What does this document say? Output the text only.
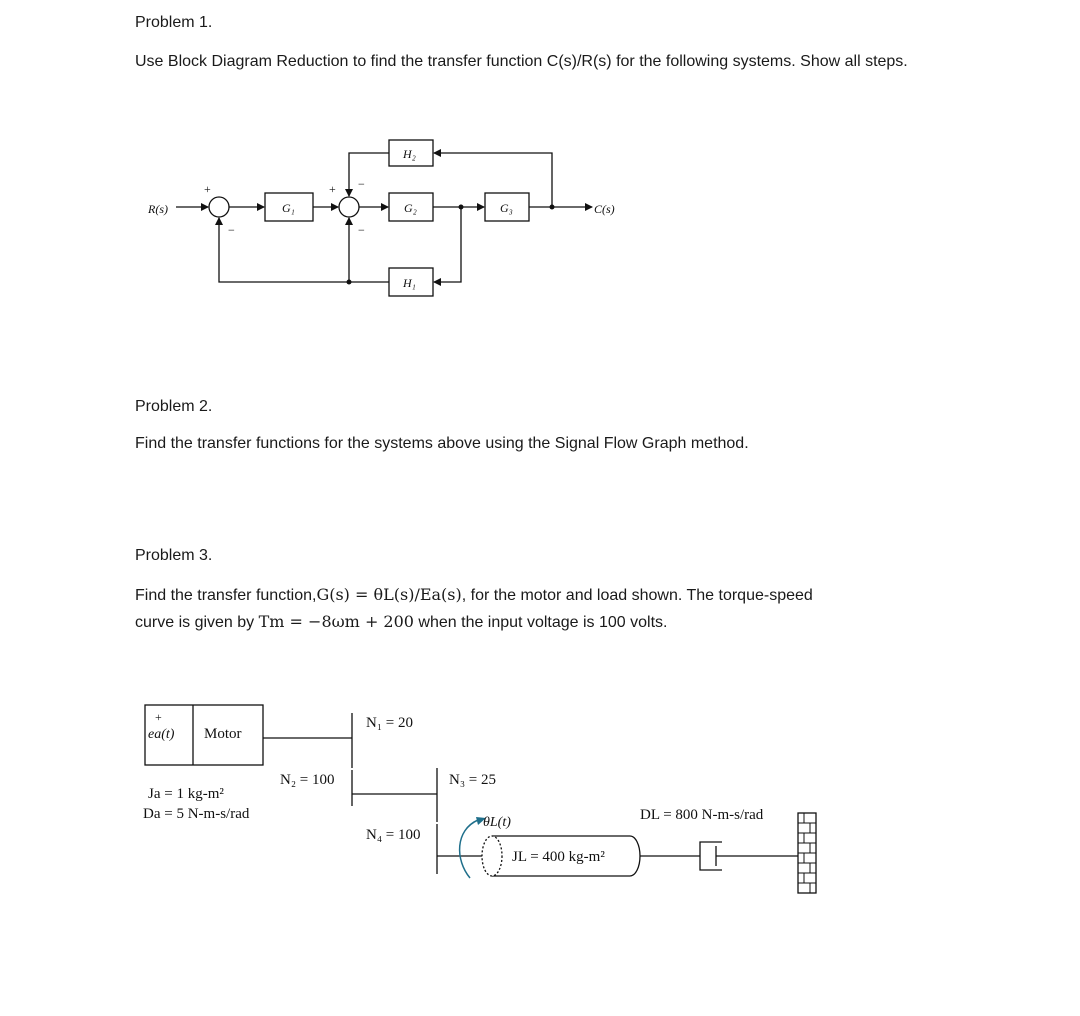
Problem 1.
Use Block Diagram Reduction to find the transfer function C(s)/R(s) for the following systems. Show all steps.
R(s)
+
−
G₁
+ −
−
G₂	G₃	C(s)
H₂
H₁
+
ea(t) Motor
N₁ = 20
N₂ = 100	N₃ = 25
N₄ = 100
Ja = 1 kg-m²
Da = 5 N-m-s/rad
θL(t)
JL = 400 kg-m²
DL = 800 N-m-s/rad
Problem 2.
Find the transfer functions for the systems above using the Signal Flow Graph method.
Problem 3.
Find the transfer function,G(s) = θL(s)/Ea(s), for the motor and load shown. The torque-speed
curve is given by Tm = −8ωm + 200 when the input voltage is 100 volts.
